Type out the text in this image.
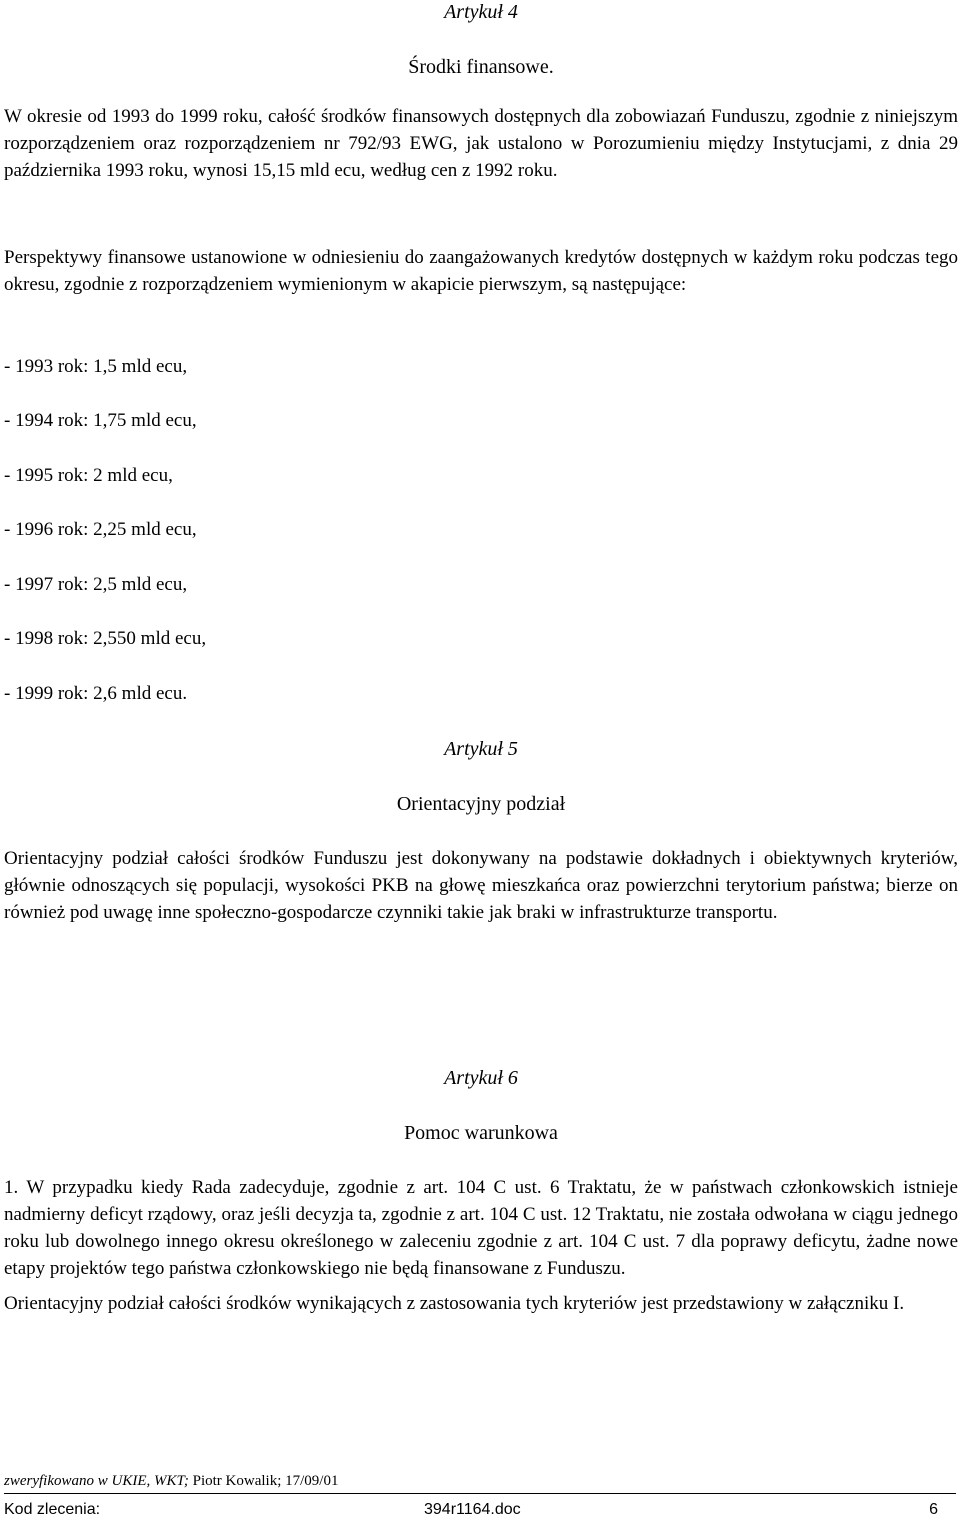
Artykuł 4
Środki finansowe.

W okresie od 1993 do 1999 roku, całość środków finansowych dostępnych dla zobowiazań Funduszu, zgodnie z niniejszym rozporządzeniem oraz rozporządzeniem nr 792/93 EWG, jak ustalono w Porozumieniu między Instytucjami, z dnia 29 października 1993 roku, wynosi 15,15 mld ecu, według cen z 1992 roku.

Perspektywy finansowe ustanowione w odniesieniu do zaangażowanych kredytów dostępnych w każdym roku podczas tego okresu, zgodnie z rozporządzeniem wymienionym w akapicie pierwszym, są następujące:

- 1993 rok: 1,5 mld ecu,
- 1994 rok: 1,75 mld ecu,
- 1995 rok: 2 mld ecu,
- 1996 rok: 2,25 mld ecu,
- 1997 rok: 2,5 mld ecu,
- 1998 rok: 2,550 mld ecu,
- 1999 rok: 2,6 mld ecu.
Artykuł 5
Orientacyjny podział

Orientacyjny podział całości środków Funduszu jest dokonywany na podstawie dokładnych i obiektywnych kryteriów, głównie odnoszących się populacji, wysokości PKB na głowę mieszkańca oraz powierzchni terytorium państwa; bierze on również pod uwagę inne społeczno-gospodarcze czynniki takie jak braki w infrastrukturze transportu.

Orientacyjny podział całości środków wynikających z zastosowania tych kryteriów jest przedstawiony w załączniku I.

Artykuł 6
Pomoc warunkowa

1. W przypadku kiedy Rada zadecyduje, zgodnie z art. 104 C ust. 6 Traktatu, że w państwach członkowskich istnieje nadmierny deficyt rządowy, oraz jeśli decyzja ta, zgodnie z art. 104 C ust. 12 Traktatu, nie została odwołana w ciągu jednego roku lub dowolnego innego okresu określonego w zaleceniu zgodnie z art. 104 C ust. 7 dla poprawy deficytu, żadne nowe etapy projektów tego państwa członkowskiego nie będą finansowane z Funduszu.

zweryfikowano w UKIE, WKT; Piotr Kowalik; 17/09/01
Kod zlecenia:	394r1164.doc	6
